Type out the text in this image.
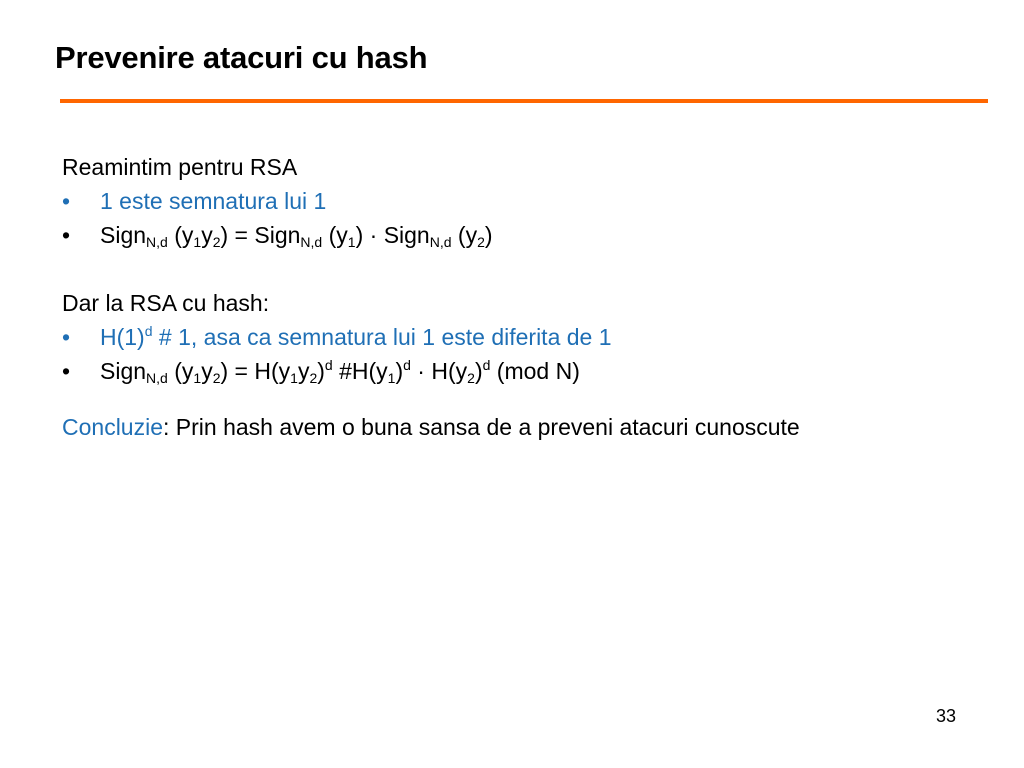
Prevenire atacuri cu hash

Reamintim pentru RSA

•	1 este semnatura lui 1

•	Sign$_{N,d}$ $(y_1y_2)$ = Sign$_{N,d}$ $(y_1)$ · Sign$_{N,d}$ $(y_2)$

Dar la RSA cu hash:

•	$H(1)^d$ # 1, asa ca semnatura lui 1 este diferita de 1

•	Sign$_{N,d}$ $(y_1y_2) = H(y_1y_2)^d$ $\#H(y_1)^d \cdot H(y_2)^d$ (mod N)

Concluzie: Prin hash avem o buna sansa de a preveni atacuri cunoscute

33
